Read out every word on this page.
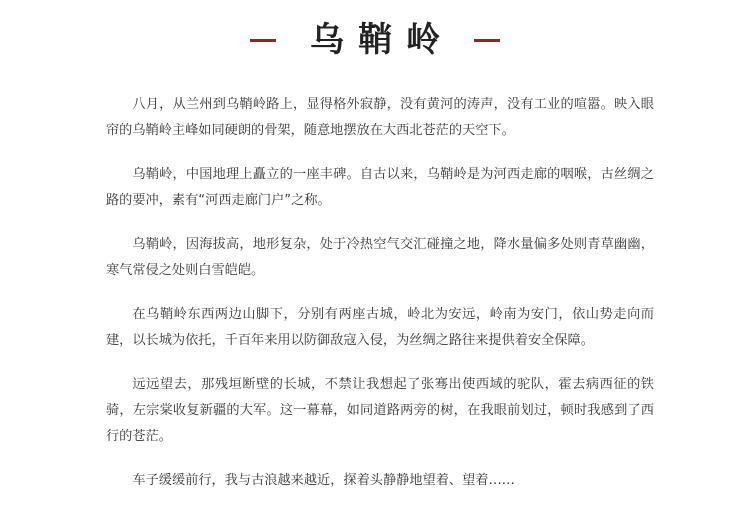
乌鞘岭

八月，从兰州到乌鞘岭路上，显得格外寂静，没有黄河的涛声，没有工业的喧嚣。映入眼帘的乌鞘岭主峰如同硬朗的骨架，随意地摆放在大西北苍茫的天空下。

乌鞘岭，中国地理上矗立的一座丰碑。自古以来，乌鞘岭是为河西走廊的咽喉，古丝绸之路的要冲，素有“河西走廊门户”之称。

乌鞘岭，因海拔高，地形复杂，处于冷热空气交汇碰撞之地，降水量偏多处则青草幽幽，寒气常侵之处则白雪皑皑。

在乌鞘岭东西两边山脚下，分别有两座古城，岭北为安远，岭南为安门，依山势走向而建，以长城为依托，千百年来用以防御敌寇入侵，为丝绸之路往来提供着安全保障。

远远望去，那残垣断壁的长城，不禁让我想起了张骞出使西域的驼队，霍去病西征的铁骑，左宗棠收复新疆的大军。这一幕幕，如同道路两旁的树，在我眼前划过，顿时我感到了西行的苍茫。

车子缓缓前行，我与古浪越来越近，探着头静静地望着、望着……
